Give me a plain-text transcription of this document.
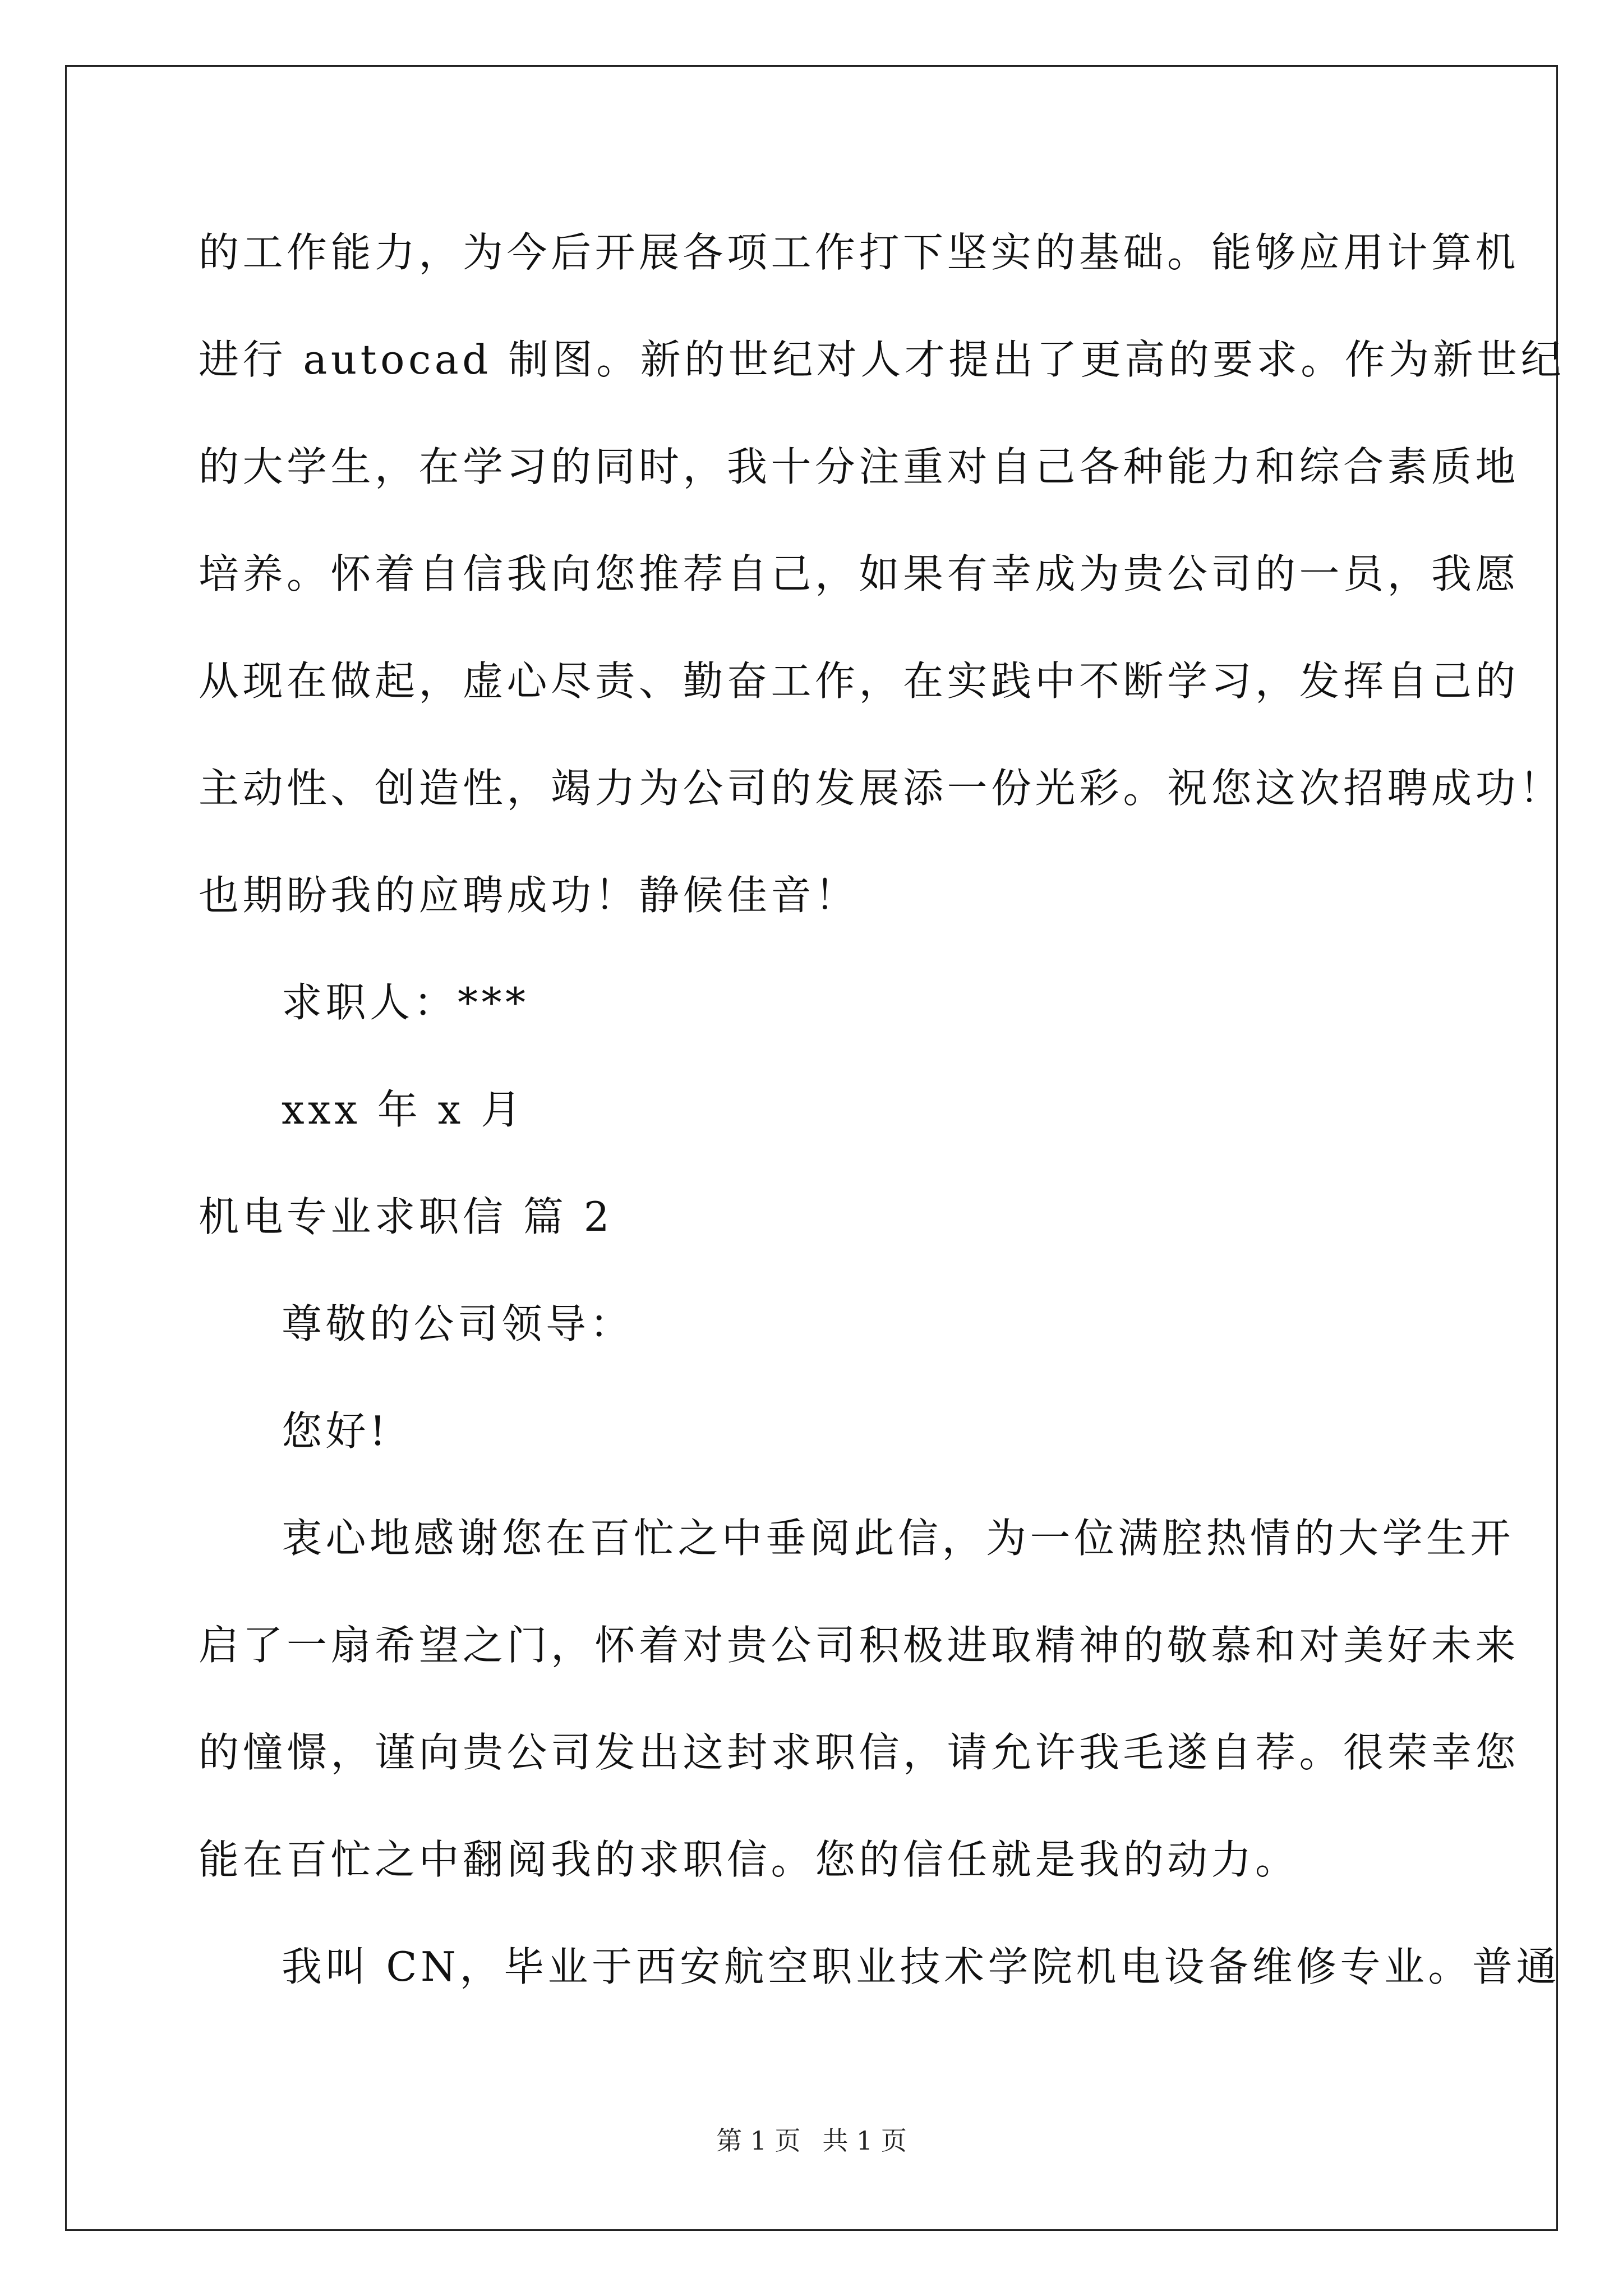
的工作能力，为今后开展各项工作打下坚实的基础。能够应用计算机
进行 autocad 制图。新的世纪对人才提出了更高的要求。作为新世纪
的大学生，在学习的同时，我十分注重对自己各种能力和综合素质地
培养。怀着自信我向您推荐自己，如果有幸成为贵公司的一员，我愿
从现在做起，虚心尽责、勤奋工作，在实践中不断学习，发挥自己的
主动性、创造性，竭力为公司的发展添一份光彩。祝您这次招聘成功！
也期盼我的应聘成功！静候佳音！
求职人：***
xxx 年 x 月
机电专业求职信 篇 2
尊敬的公司领导：
您好!
衷心地感谢您在百忙之中垂阅此信，为一位满腔热情的大学生开
启了一扇希望之门，怀着对贵公司积极进取精神的敬慕和对美好未来
的憧憬，谨向贵公司发出这封求职信，请允许我毛遂自荐。很荣幸您
能在百忙之中翻阅我的求职信。您的信任就是我的动力。
我叫 CN，毕业于西安航空职业技术学院机电设备维修专业。普通
第 1 页 共 1 页
